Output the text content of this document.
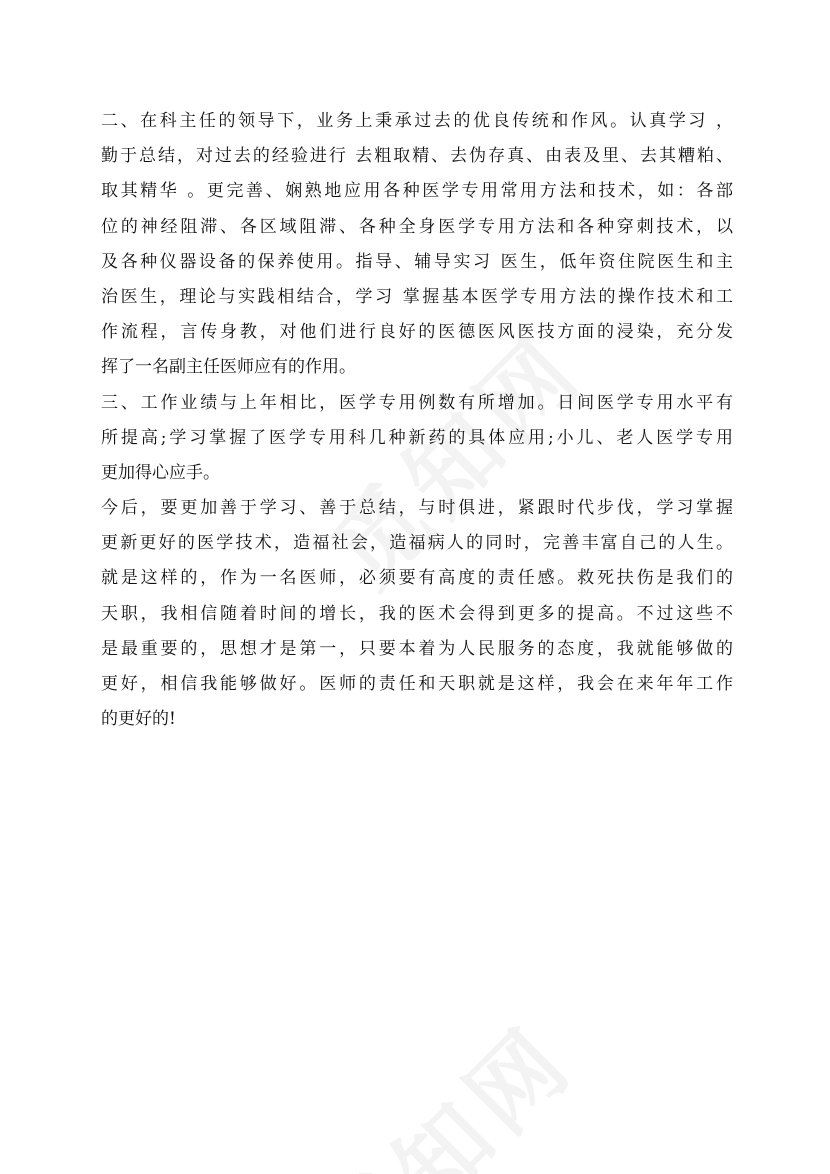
二、在科主任的领导下，业务上秉承过去的优良传统和作风。认真学习 ，
勤于总结，对过去的经验进行 去粗取精、去伪存真、由表及里、去其糟粕、
取其精华 。更完善、娴熟地应用各种医学专用常用方法和技术，如：各部
位的神经阻滞、各区域阻滞、各种全身医学专用方法和各种穿刺技术，以
及各种仪器设备的保养使用。指导、辅导实习 医生，低年资住院医生和主
治医生，理论与实践相结合，学习 掌握基本医学专用方法的操作技术和工
作流程，言传身教，对他们进行良好的医德医风医技方面的浸染，充分发
挥了一名副主任医师应有的作用。
三、工作业绩与上年相比，医学专用例数有所增加。日间医学专用水平有
所提高;学习掌握了医学专用科几种新药的具体应用;小儿、老人医学专用
更加得心应手。
今后，要更加善于学习、善于总结，与时俱进，紧跟时代步伐，学习掌握
更新更好的医学技术，造福社会，造福病人的同时，完善丰富自己的人生。
就是这样的，作为一名医师，必须要有高度的责任感。救死扶伤是我们的
天职，我相信随着时间的增长，我的医术会得到更多的提高。不过这些不
是最重要的，思想才是第一，只要本着为人民服务的态度，我就能够做的
更好，相信我能够做好。医师的责任和天职就是这样，我会在来年年工作
的更好的!
